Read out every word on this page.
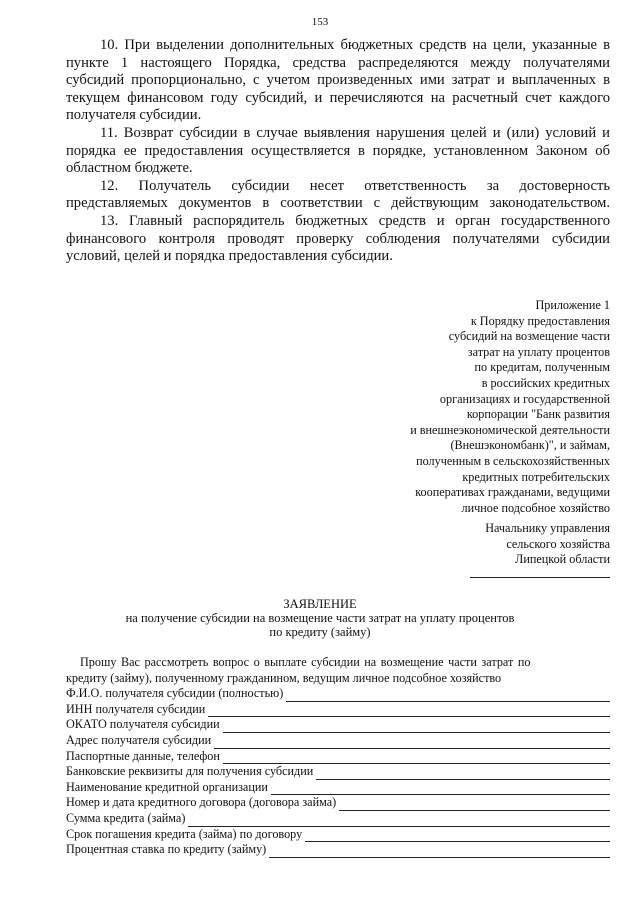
153

10. При выделении дополнительных бюджетных средств на цели, указанные в пункте 1 настоящего Порядка, средства распределяются между получателями субсидий пропорционально, с учетом произведенных ими затрат и выплаченных в текущем финансовом году субсидий, и перечисляются на расчетный счет каждого получателя субсидии.

11. Возврат субсидии в случае выявления нарушения целей и (или) условий и порядка ее предоставления осуществляется в порядке, установленном Законом об областном бюджете.

12. Получатель субсидии несет ответственность за достоверность представляемых документов в соответствии с действующим законодательством.

13. Главный распорядитель бюджетных средств и орган государственного финансового контроля проводят проверку соблюдения получателями субсидии условий, целей и порядка предоставления субсидии.

Приложение 1
к Порядку предоставления
субсидий на возмещение части
затрат на уплату процентов
по кредитам, полученным
в российских кредитных
организациях и государственной
корпорации "Банк развития
и внешнеэкономической деятельности
(Внешэкономбанк)", и займам,
полученным в сельскохозяйственных
кредитных потребительских
кооперативах гражданами, ведущими
личное подсобное хозяйство
Начальнику управления
сельского хозяйства
Липецкой области
ЗАЯВЛЕНИЕ
на получение субсидии на возмещение части затрат на уплату процентов
по кредиту (займу)
Прошу Вас рассмотреть вопрос о выплате субсидии на возмещение части затрат по
кредиту (займу), полученному гражданином, ведущим личное подсобное хозяйство
Ф.И.О. получателя субсидии (полностью)
ИНН получателя субсидии
ОКАТО получателя субсидии
Адрес получателя субсидии
Паспортные данные, телефон
Банковские реквизиты для получения субсидии
Наименование кредитной организации
Номер и дата кредитного договора (договора займа)
Сумма кредита (займа)
Срок погашения кредита (займа) по договору
Процентная ставка по кредиту (займу)
